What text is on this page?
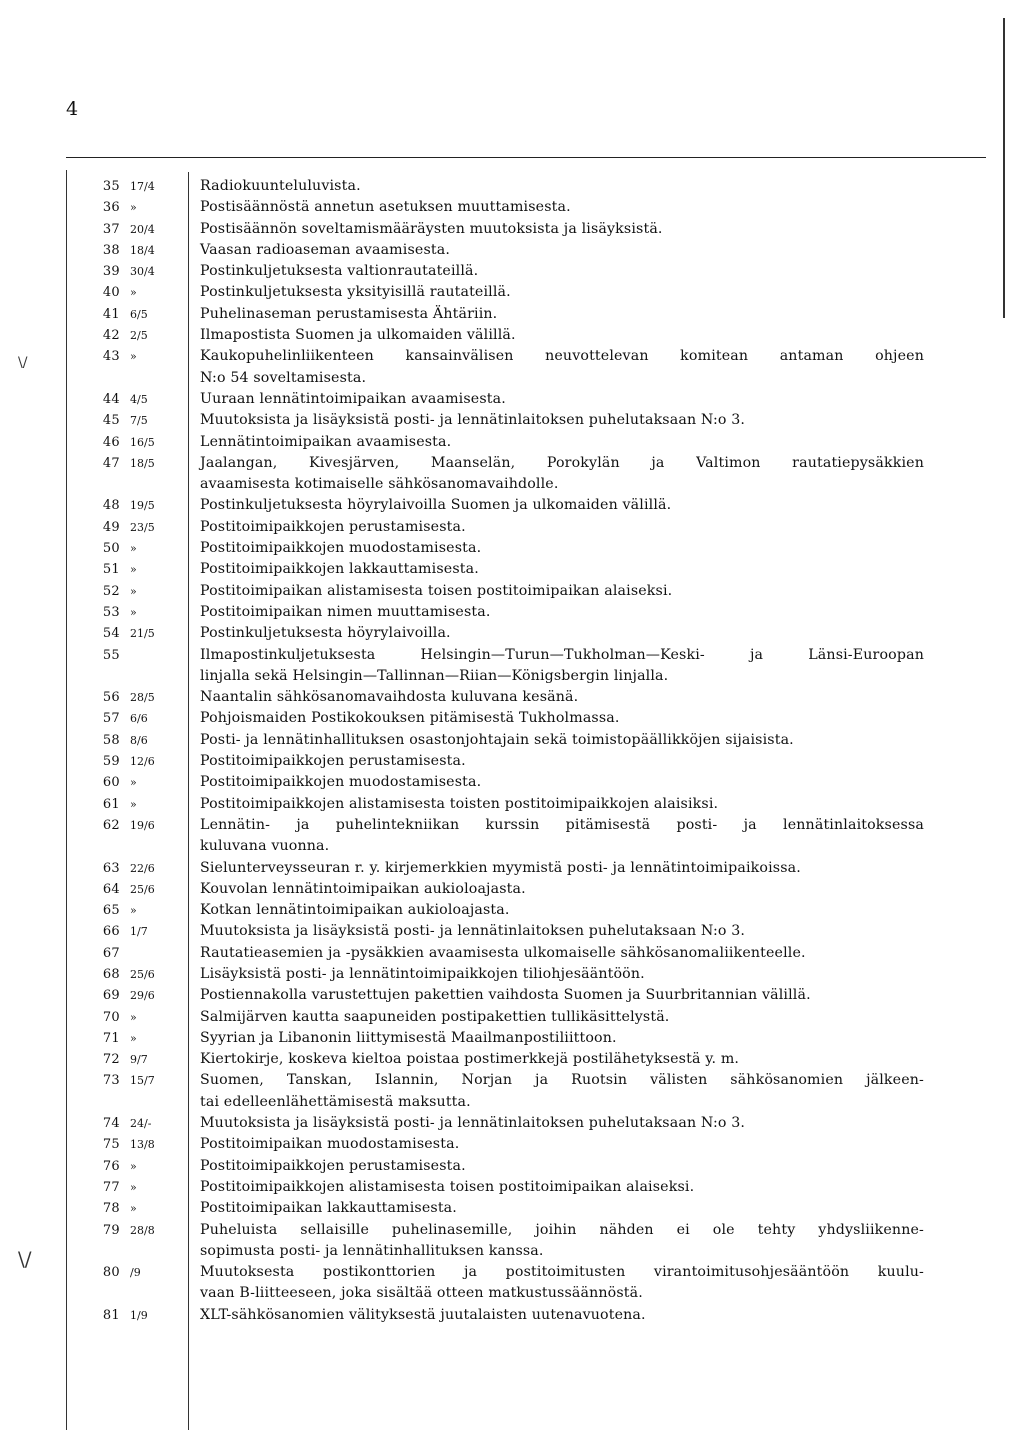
4
\/
\/
35 17/4	Radiokuunteluluvista.
36 »	Postisäännöstä annetun asetuksen muuttamisesta.
37 20/4	Postisäännön soveltamismääräysten muutoksista ja lisäyksistä.
38 18/4	Vaasan radioaseman avaamisesta.
39 30/4	Postinkuljetuksesta valtionrautateillä.
40 »	Postinkuljetuksesta yksityisillä rautateillä.
41 6/5	Puhelinaseman perustamisesta Ähtäriin.
42 2/5	Ilmapostista Suomen ja ulkomaiden välillä.
43 »	Kaukopuhelinliikenteen kansainvälisen neuvottelevan komitean antaman ohjeen
N:o 54 soveltamisesta.
44 4/5	Uuraan lennätintoimipaikan avaamisesta.
45 7/5	Muutoksista ja lisäyksistä posti- ja lennätinlaitoksen puhelutaksaan N:o 3.
46 16/5	Lennätintoimipaikan avaamisesta.
47 18/5	Jaalangan, Kivesjärven, Maanselän, Porokylän ja Valtimon rautatiepysäkkien
avaamisesta kotimaiselle sähkösanomavaihdolle.
48 19/5	Postinkuljetuksesta höyrylaivoilla Suomen ja ulkomaiden välillä.
49 23/5	Postitoimipaikkojen perustamisesta.
50 »	Postitoimipaikkojen muodostamisesta.
51 »	Postitoimipaikkojen lakkauttamisesta.
52 »	Postitoimipaikan alistamisesta toisen postitoimipaikan alaiseksi.
53 »	Postitoimipaikan nimen muuttamisesta.
54 21/5	Postinkuljetuksesta höyrylaivoilla.
55	Ilmapostinkuljetuksesta Helsingin—Turun—Tukholman—Keski- ja Länsi-Euroopan
linjalla sekä Helsingin—Tallinnan—Riian—Königsbergin linjalla.
56 28/5	Naantalin sähkösanomavaihdosta kuluvana kesänä.
57 6/6	Pohjoismaiden Postikokouksen pitämisestä Tukholmassa.
58 8/6	Posti- ja lennätinhallituksen osastonjohtajain sekä toimistopäällikköjen sijaisista.
59 12/6	Postitoimipaikkojen perustamisesta.
60 »	Postitoimipaikkojen muodostamisesta.
61 »	Postitoimipaikkojen alistamisesta toisten postitoimipaikkojen alaisiksi.
62 19/6	Lennätin- ja puhelintekniikan kurssin pitämisestä posti- ja lennätinlaitoksessa
kuluvana vuonna.
63 22/6	Sielunterveysseuran r. y. kirjemerkkien myymistä posti- ja lennätintoimipaikoissa.
64 25/6	Kouvolan lennätintoimipaikan aukioloajasta.
65 »	Kotkan lennätintoimipaikan aukioloajasta.
66 1/7	Muutoksista ja lisäyksistä posti- ja lennätinlaitoksen puhelutaksaan N:o 3.
67	Rautatieasemien ja -pysäkkien avaamisesta ulkomaiselle sähkösanomaliikenteelle.
68 25/6	Lisäyksistä posti- ja lennätintoimipaikkojen tiliohjesääntöön.
69 29/6	Postiennakolla varustettujen pakettien vaihdosta Suomen ja Suurbritannian välillä.
70 »	Salmijärven kautta saapuneiden postipakettien tullikäsittelystä.
71 »	Syyrian ja Libanonin liittymisestä Maailmanpostiliittoon.
72 9/7	Kiertokirje, koskeva kieltoa poistaa postimerkkejä postilähetyksestä y. m.
73 15/7	Suomen, Tanskan, Islannin, Norjan ja Ruotsin välisten sähkösanomien jälkeen-
tai edelleenlähettämisestä maksutta.
74 24/-	Muutoksista ja lisäyksistä posti- ja lennätinlaitoksen puhelutaksaan N:o 3.
75 13/8	Postitoimipaikan muodostamisesta.
76 »	Postitoimipaikkojen perustamisesta.
77 »	Postitoimipaikkojen alistamisesta toisen postitoimipaikan alaiseksi.
78 »	Postitoimipaikan lakkauttamisesta.
79 28/8	Puheluista sellaisille puhelinasemille, joihin nähden ei ole tehty yhdysliikenne-
sopimusta posti- ja lennätinhallituksen kanssa.
80 /9	Muutoksesta postikonttorien ja postitoimitusten virantoimitusohjesääntöön kuulu-
vaan B-liitteeseen, joka sisältää otteen matkustussäännöstä.
81 1/9	XLT-sähkösanomien välityksestä juutalaisten uutenavuotena.
